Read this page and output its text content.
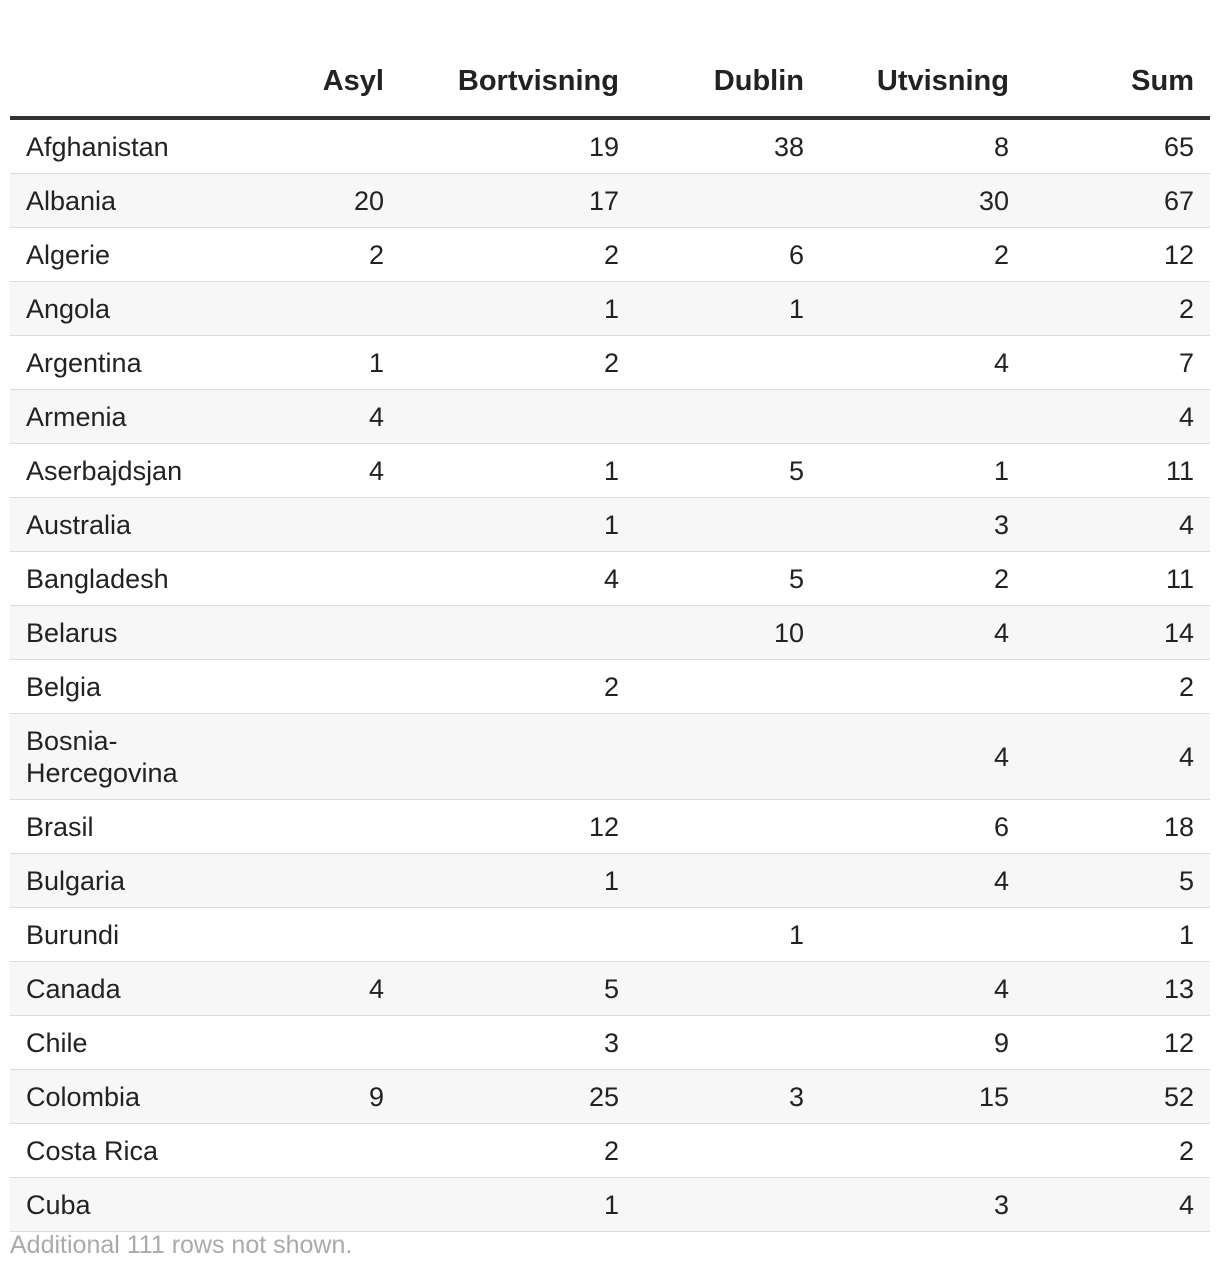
	Asyl	Bortvisning	Dublin	Utvisning	Sum
Afghanistan		19	38	8	65
Albania	20	17		30	67
Algerie	2	2	6	2	12
Angola		1	1		2
Argentina	1	2		4	7
Armenia	4				4
Aserbajdsjan	4	1	5	1	11
Australia		1		3	4
Bangladesh		4	5	2	11
Belarus			10	4	14
Belgia		2			2
Bosnia-Hercegovina				4	4
Brasil		12		6	18
Bulgaria		1		4	5
Burundi			1		1
Canada	4	5		4	13
Chile		3		9	12
Colombia	9	25	3	15	52
Costa Rica		2			2
Cuba		1		3	4
Additional 111 rows not shown.
